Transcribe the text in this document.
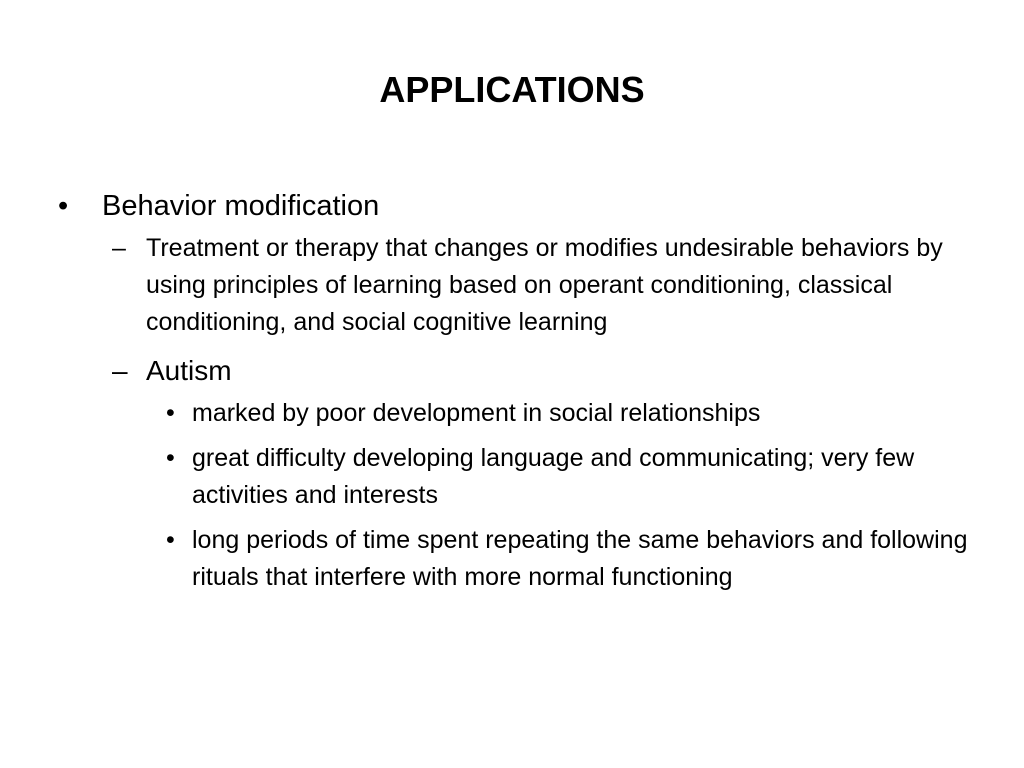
APPLICATIONS
• Behavior modification
– Treatment or therapy that changes or modifies undesirable behaviors by using principles of learning based on operant conditioning, classical conditioning, and social cognitive learning
– Autism
• marked by poor development in social relationships
• great difficulty developing language and communicating; very few activities and interests
• long periods of time spent repeating the same behaviors and following rituals that interfere with more normal functioning
